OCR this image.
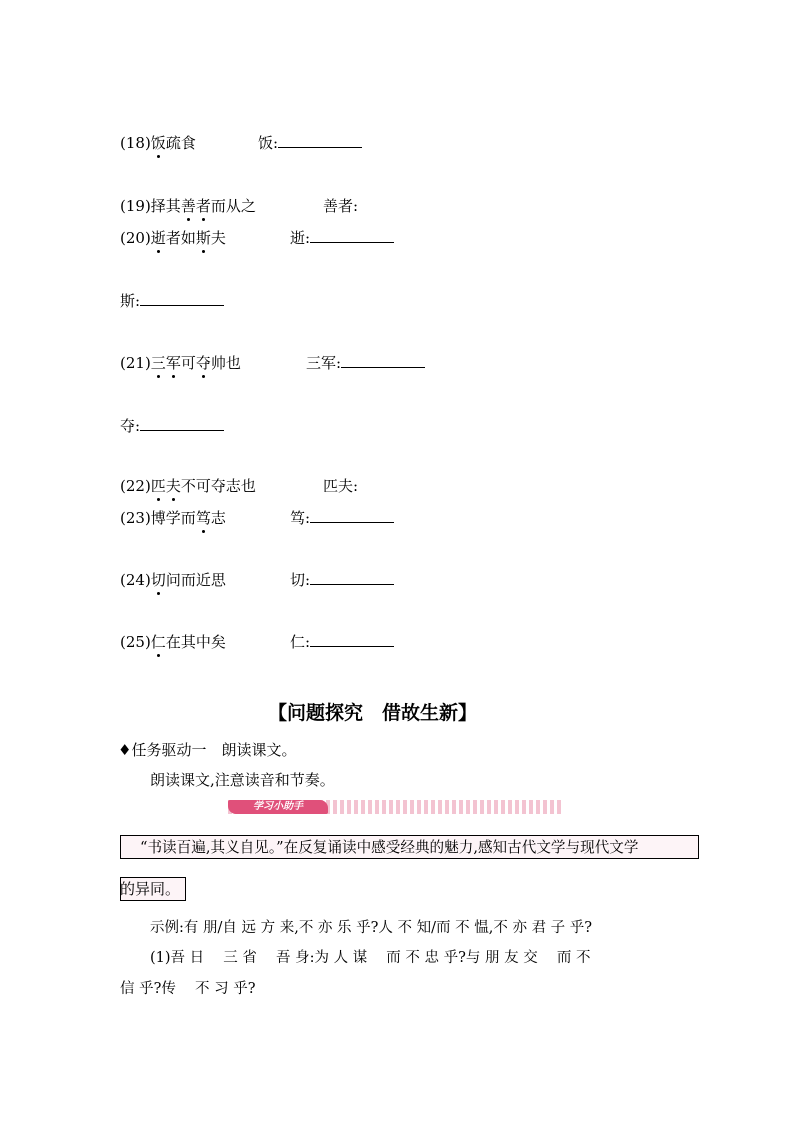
(18)饭疏食	饭:
(19)择其善者而从之	善者:
(20)逝者如斯夫	逝:
斯:
(21)三军可夺帅也	三军:
夺:
(22)匹夫不可夺志也	匹夫:
(23)博学而笃志	笃:
(24)切问而近思	切:
(25)仁在其中矣	仁:
【问题探究　借故生新】
♦任务驱动一　朗读课文。
朗读课文,注意读音和节奏。
学习小助手
“书读百遍,其义自见。”在反复诵读中感受经典的魅力,感知古代文学与现代文学
的异同。
示例:有 朋/自 远 方 来,不 亦 乐 乎?人 不 知/而 不 愠,不 亦 君 子 乎?
(1)吾 日　 三 省　 吾 身:为 人 谋　 而 不 忠 乎?与 朋 友 交　 而 不
信 乎?传　 不 习 乎?
